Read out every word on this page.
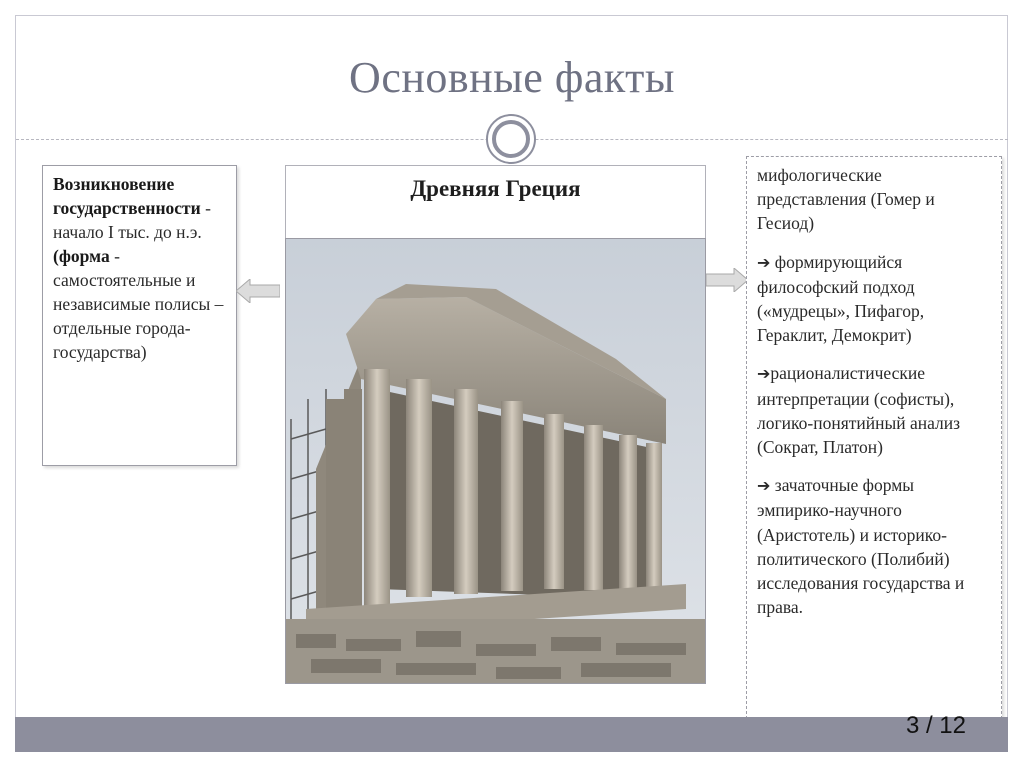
Основные факты
Возникновение государственности - начало I тыс. до н.э.
(форма - самостоятельные и независимые полисы – отдельные города-государства)
Древняя Греция
мифологические представления (Гомер и Гесиод)
➔ формирующийся философский подход («мудрецы», Пифагор, Гераклит, Демокрит)
➔рационалистические интерпретации (софисты),
логико-понятийный анализ (Сократ, Платон)
➔ зачаточные формы эмпирико-научного (Аристотель) и историко-политического (Полибий) исследования государства и права.
3 / 12
